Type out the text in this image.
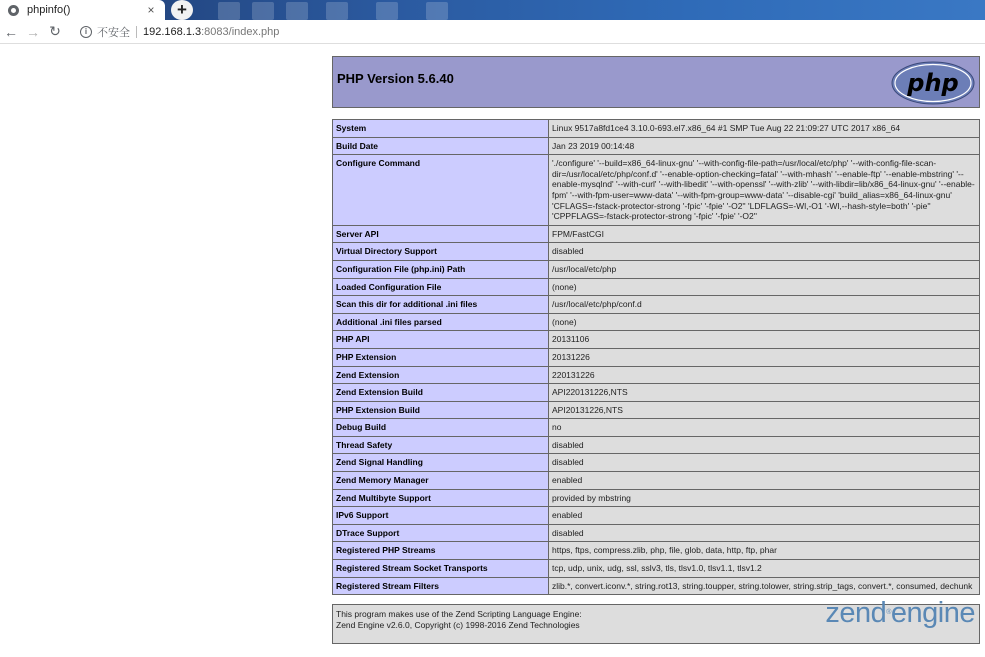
phpinfo()	×	+
← → ↻	i 不安全 192.168.1.3:8083/index.php
PHP Version 5.6.40	php
System	Linux 9517a8fd1ce4 3.10.0-693.el7.x86_64 #1 SMP Tue Aug 22 21:09:27 UTC 2017 x86_64
Build Date	Jan 23 2019 00:14:48
Configure Command	'./configure' '--build=x86_64-linux-gnu' '--with-config-file-path=/usr/local/etc/php' '--with-config-file-scan-dir=/usr/local/etc/php/conf.d' '--enable-option-checking=fatal' '--with-mhash' '--enable-ftp' '--enable-mbstring' '--enable-mysqlnd' '--with-curl' '--with-libedit' '--with-openssl' '--with-zlib' '--with-libdir=lib/x86_64-linux-gnu' '--enable-fpm' '--with-fpm-user=www-data' '--with-fpm-group=www-data' '--disable-cgi' 'build_alias=x86_64-linux-gnu' 'CFLAGS=-fstack-protector-strong '-fpic' '-fpie' '-O2'' 'LDFLAGS=-Wl,-O1 '-Wl,--hash-style=both' '-pie'' 'CPPFLAGS=-fstack-protector-strong '-fpic' '-fpie' '-O2''
Server API	FPM/FastCGI
Virtual Directory Support	disabled
Configuration File (php.ini) Path	/usr/local/etc/php
Loaded Configuration File	(none)
Scan this dir for additional .ini files	/usr/local/etc/php/conf.d
Additional .ini files parsed	(none)
PHP API	20131106
PHP Extension	20131226
Zend Extension	220131226
Zend Extension Build	API220131226,NTS
PHP Extension Build	API20131226,NTS
Debug Build	no
Thread Safety	disabled
Zend Signal Handling	disabled
Zend Memory Manager	enabled
Zend Multibyte Support	provided by mbstring
IPv6 Support	enabled
DTrace Support	disabled
Registered PHP Streams	https, ftps, compress.zlib, php, file, glob, data, http, ftp, phar
Registered Stream Socket Transports	tcp, udp, unix, udg, ssl, sslv3, tls, tlsv1.0, tlsv1.1, tlsv1.2
Registered Stream Filters	zlib.*, convert.iconv.*, string.rot13, string.toupper, string.tolower, string.strip_tags, convert.*, consumed, dechunk
This program makes use of the Zend Scripting Language Engine:
Zend Engine v2.6.0, Copyright (c) 1998-2016 Zend Technologies	zend®engine
